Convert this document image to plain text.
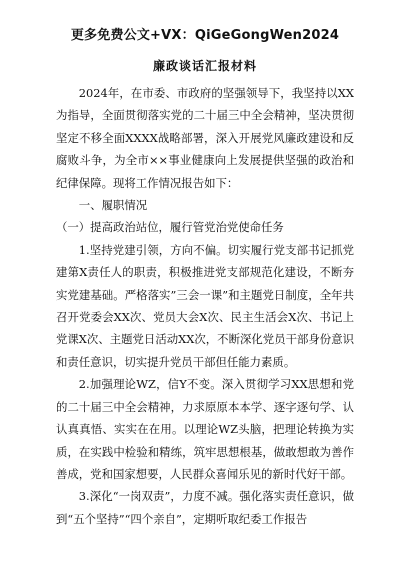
更多免费公文+VX：QiGeGongWen2024
廉政谈话汇报材料

2024年，在市委、市政府的坚强领导下，我坚持以XX为指导，全面贯彻落实党的二十届三中全会精神，坚决贯彻坚定不移全面XXXX战略部署，深入开展党风廉政建设和反腐败斗争，为全市××事业健康向上发展提供坚强的政治和纪律保障。现将工作情况报告如下：

一、履职情况

（一）提高政治站位，履行管党治党使命任务

1.坚持党建引领，方向不偏。切实履行党支部书记抓党建第X责任人的职责，积极推进党支部规范化建设，不断夯实党建基础。严格落实”三会一课”和主题党日制度，全年共召开党委会XX次、党员大会X次、民主生活会X次、书记上党课X次、主题党日活动XX次，不断深化党员干部身份意识和责任意识，切实提升党员干部但任能力素质。

2.加强理论WZ，信Y不变。深入贯彻学习XX思想和党的二十届三中全会精神，力求原原本本学、逐字逐句学、认认真真悟、实实在在用。以理论WZ头脑，把理论转换为实质，在实践中检验和精练，筑牢思想根基，做敢想敢为善作善成，党和国家想要，人民群众喜闻乐见的新时代好干部。

3.深化“一岗双责”，力度不减。强化落实责任意识，做到“五个坚持”“四个亲自”，定期听取纪委工作报告
